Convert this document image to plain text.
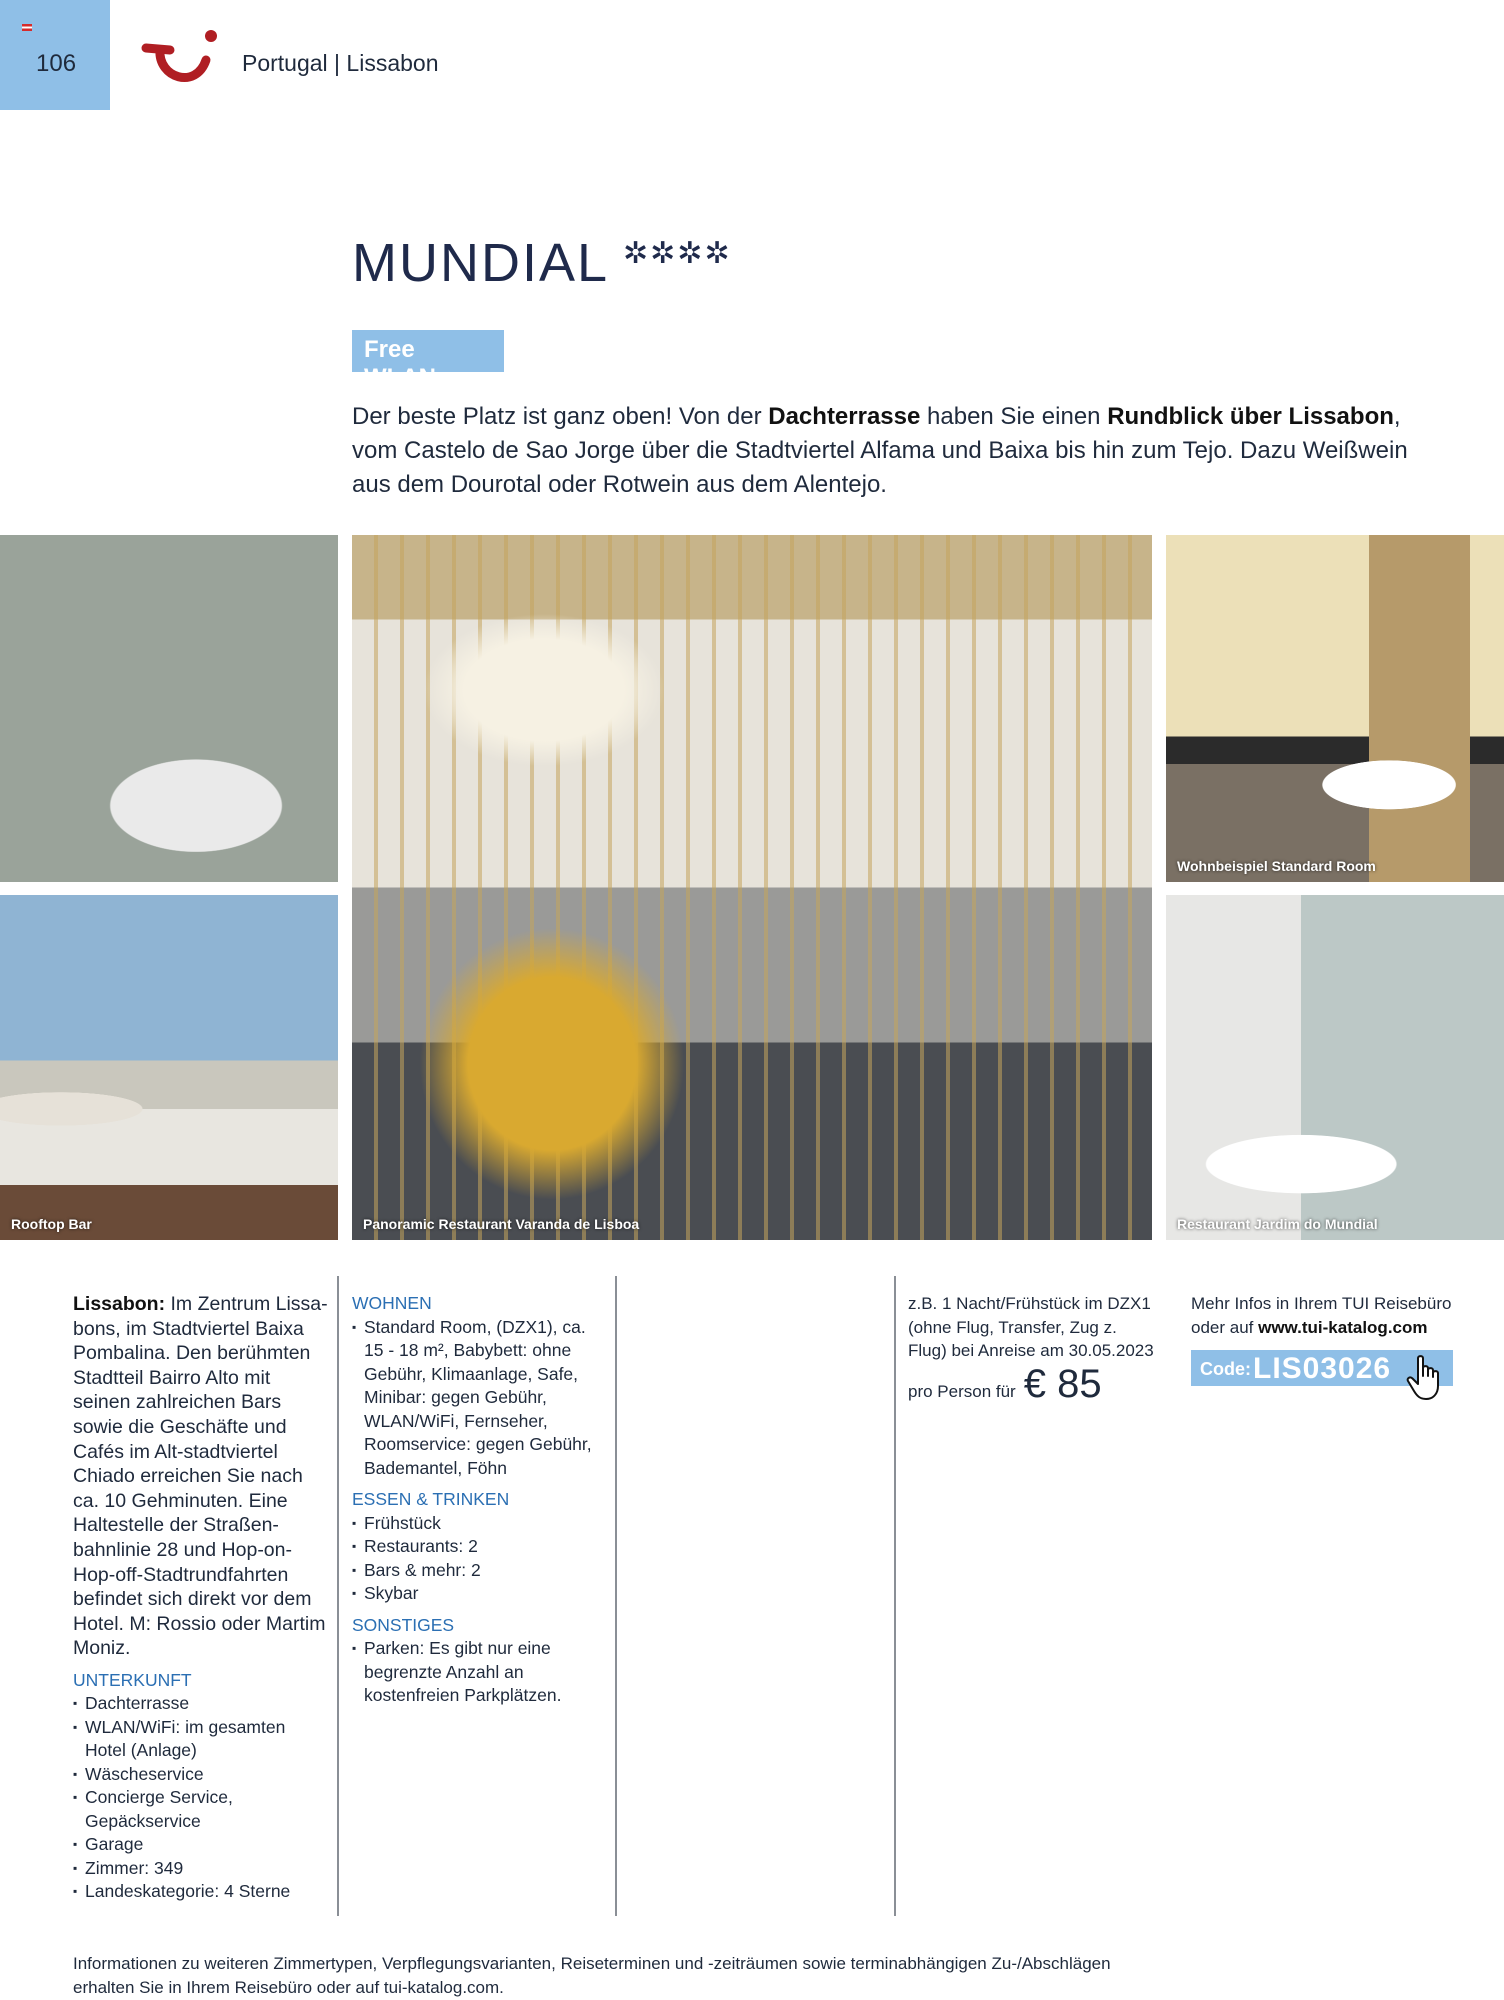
106	Portugal | Lissabon
MUNDIAL ✲✲✲✲
Free WLAN

Der beste Platz ist ganz oben! Von der Dachterrasse haben Sie einen Rundblick über Lissabon, vom Castelo de Sao Jorge über die Stadtviertel Alfama und Baixa bis hin zum Tejo. Dazu Weißwein aus dem Dourotal oder Rotwein aus dem Alentejo.

Rooftop Bar	Panoramic Restaurant Varanda de Lisboa
Wohnbeispiel Standard Room
Restaurant Jardim do Mundial

Lissabon: Im Zentrum Lissa-bons, im Stadtviertel Baixa Pombalina. Den berühmten Stadtteil Bairro Alto mit seinen zahlreichen Bars sowie die Geschäfte und Cafés im Alt-stadtviertel Chiado erreichen Sie nach ca. 10 Gehminuten. Eine Haltestelle der Straßen-bahnlinie 28 und Hop-on-Hop-off-Stadtrundfahrten befindet sich direkt vor dem Hotel. M: Rossio oder Martim Moniz.

UNTERKUNFT
▪ Dachterrasse
▪ WLAN/WiFi: im gesamten Hotel (Anlage)
▪ Wäscheservice
▪ Concierge Service, Gepäckservice
▪ Garage
▪ Zimmer: 349
▪ Landeskategorie: 4 Sterne
WOHNEN
▪ Standard Room, (DZX1), ca. 15 - 18 m², Babybett: ohne Gebühr, Klimaanlage, Safe, Minibar: gegen Gebühr, WLAN/WiFi, Fernseher, Roomservice: gegen Gebühr, Bademantel, Föhn
ESSEN & TRINKEN
▪ Frühstück
▪ Restaurants: 2
▪ Bars & mehr: 2
▪ Skybar
SONSTIGES
▪ Parken: Es gibt nur eine begrenzte Anzahl an kostenfreien Parkplätzen.

z.B. 1 Nacht/Frühstück im DZX1 (ohne Flug, Transfer, Zug z. Flug) bei Anreise am 30.05.2023

pro Person für € 85

Mehr Infos in Ihrem TUI Reisebüro oder auf www.tui-katalog.com

Code: LIS03026

Informationen zu weiteren Zimmertypen, Verpflegungsvarianten, Reiseterminen und -zeiträumen sowie terminabhängigen Zu-/Abschlägen erhalten Sie in Ihrem Reisebüro oder auf tui-katalog.com.
